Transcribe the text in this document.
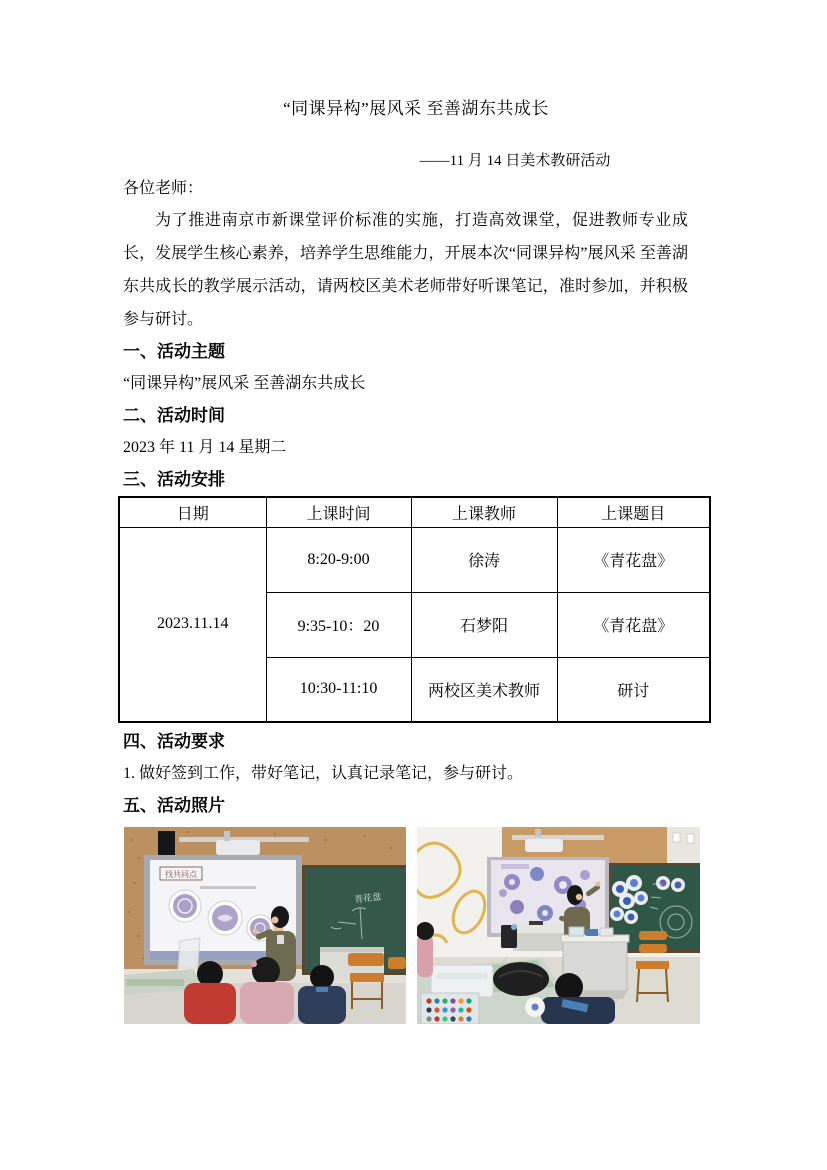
“同课异构”展风采 至善湖东共成长
——11 月 14 日美术教研活动
各位老师：

为了推进南京市新课堂评价标准的实施，打造高效课堂，促进教师专业成长，发展学生核心素养，培养学生思维能力，开展本次“同课异构”展风采 至善湖东共成长的教学展示活动，请两校区美术老师带好听课笔记，准时参加，并积极参与研讨。

一、活动主题
“同课异构”展风采 至善湖东共成长
二、活动时间
2023 年 11 月 14 星期二
三、活动安排
日期	上课时间	上课教师	上课题目
2023.11.14	8:20-9:00	徐涛	《青花盘》
	9:35-10：20	石梦阳	《青花盘》
	10:30-11:10	两校区美术教师	研讨
四、活动要求
1. 做好签到工作，带好笔记，认真记录笔记，参与研讨。
五、活动照片
找共同点
青花盘
